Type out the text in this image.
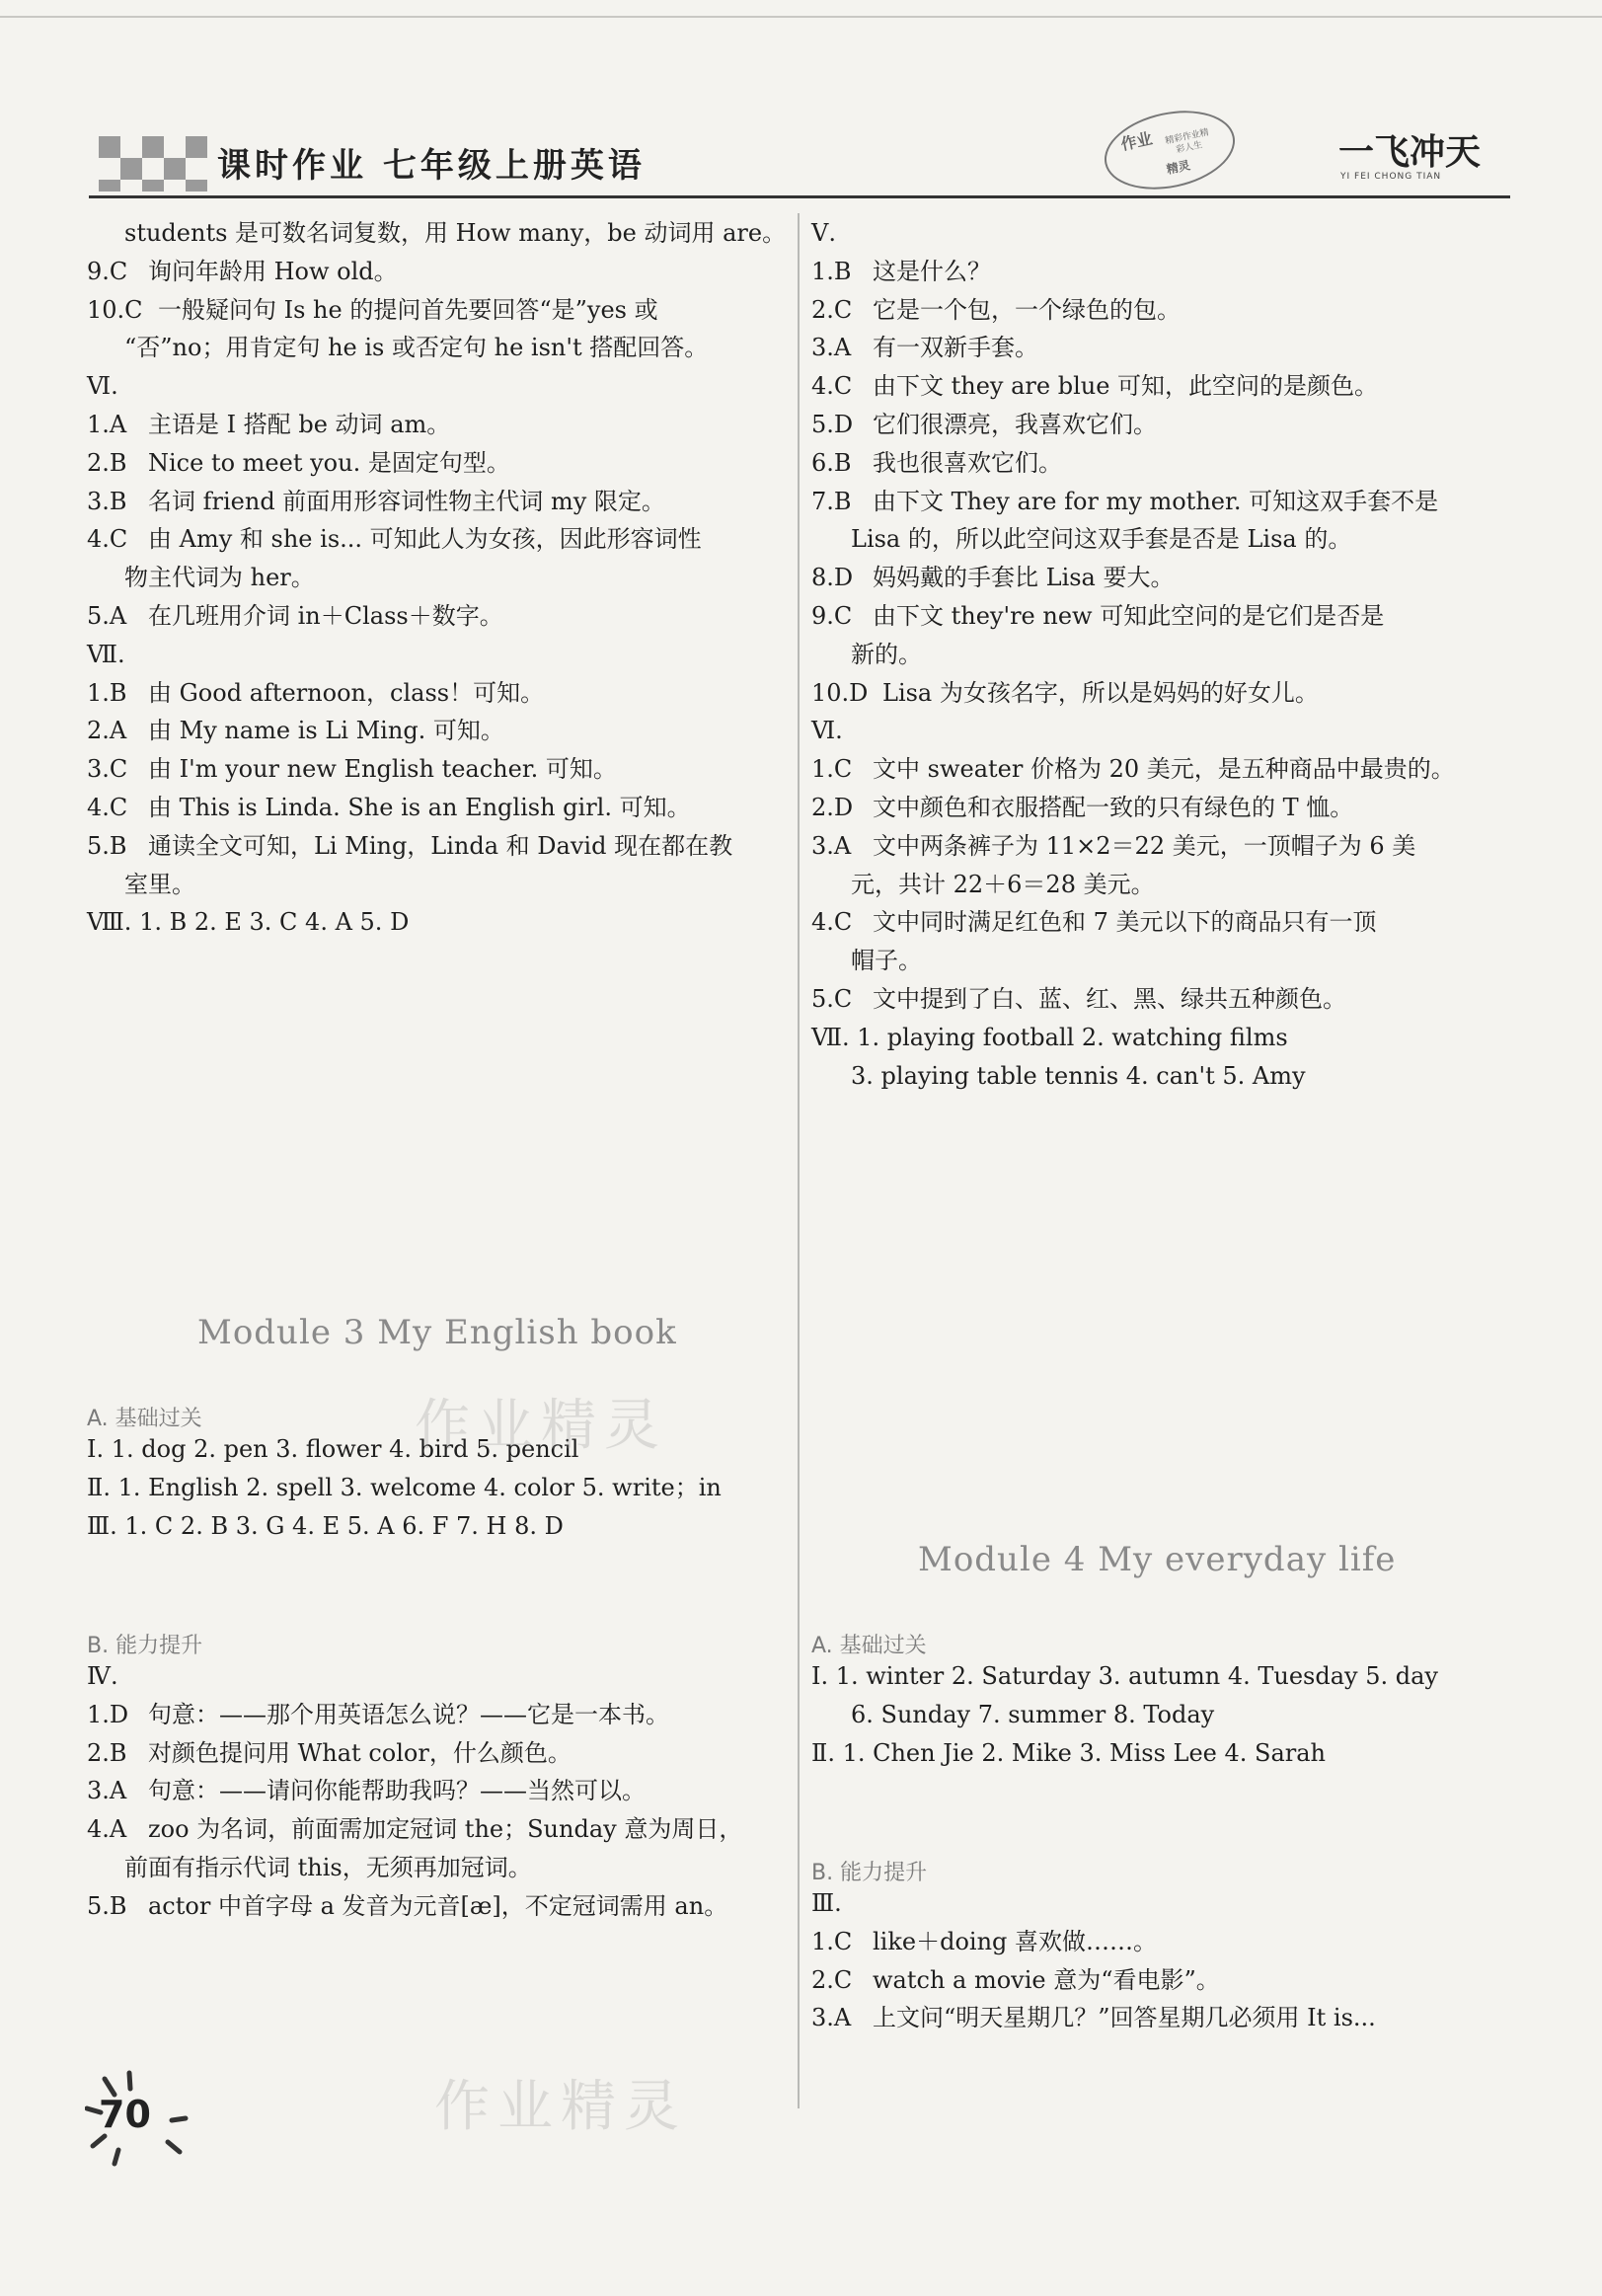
课时作业 七年级上册英语
作业 精彩作业精彩人生
精灵	一飞冲天
YI FEI CHONG TIAN
students 是可数名词复数，用 How many，be 动词用 are。
9.C 询问年龄用 How old。
10.C 一般疑问句 Is he 的提问首先要回答“是”yes 或
“否”no；用肯定句 he is 或否定句 he isn't 搭配回答。
Ⅵ.
1.A 主语是 I 搭配 be 动词 am。
2.B Nice to meet you. 是固定句型。
3.B 名词 friend 前面用形容词性物主代词 my 限定。
4.C 由 Amy 和 she is... 可知此人为女孩，因此形容词性
物主代词为 her。
5.A 在几班用介词 in＋Class＋数字。
Ⅶ.
1.B 由 Good afternoon，class！可知。
2.A 由 My name is Li Ming. 可知。
3.C 由 I'm your new English teacher. 可知。
4.C 由 This is Linda. She is an English girl. 可知。
5.B 通读全文可知，Li Ming，Linda 和 David 现在都在教
室里。
Ⅷ. 1. B 2. E 3. C 4. A 5. D
Module 3 My English book
A. 基础过关
Ⅰ. 1. dog 2. pen 3. flower 4. bird 5. pencil
Ⅱ. 1. English 2. spell 3. welcome 4. color 5. write；in
Ⅲ. 1. C 2. B 3. G 4. E 5. A 6. F 7. H 8. D
B. 能力提升
Ⅳ.
1.D 句意：——那个用英语怎么说？——它是一本书。
2.B 对颜色提问用 What color，什么颜色。
3.A 句意：——请问你能帮助我吗？——当然可以。
4.A zoo 为名词，前面需加定冠词 the；Sunday 意为周日，
前面有指示代词 this，无须再加冠词。
5.B actor 中首字母 a 发音为元音[æ]，不定冠词需用 an。
Ⅴ.
1.B 这是什么？
2.C 它是一个包，一个绿色的包。
3.A 有一双新手套。
4.C 由下文 they are blue 可知，此空问的是颜色。
5.D 它们很漂亮，我喜欢它们。
6.B 我也很喜欢它们。
7.B 由下文 They are for my mother. 可知这双手套不是
Lisa 的，所以此空问这双手套是否是 Lisa 的。
8.D 妈妈戴的手套比 Lisa 要大。
9.C 由下文 they're new 可知此空问的是它们是否是
新的。
10.D Lisa 为女孩名字，所以是妈妈的好女儿。
Ⅵ.
1.C 文中 sweater 价格为 20 美元，是五种商品中最贵的。
2.D 文中颜色和衣服搭配一致的只有绿色的 T 恤。
3.A 文中两条裤子为 11×2＝22 美元，一顶帽子为 6 美
元，共计 22＋6＝28 美元。
4.C 文中同时满足红色和 7 美元以下的商品只有一顶
帽子。
5.C 文中提到了白、蓝、红、黑、绿共五种颜色。
Ⅶ. 1. playing football 2. watching films
3. playing table tennis 4. can't 5. Amy
Module 4 My everyday life
A. 基础过关
Ⅰ. 1. winter 2. Saturday 3. autumn 4. Tuesday 5. day
6. Sunday 7. summer 8. Today
Ⅱ. 1. Chen Jie 2. Mike 3. Miss Lee 4. Sarah
B. 能力提升
Ⅲ.
1.C like＋doing 喜欢做……。
2.C watch a movie 意为“看电影”。
3.A 上文问“明天星期几？”回答星期几必须用 It is...
作业精灵
作业精灵
70
